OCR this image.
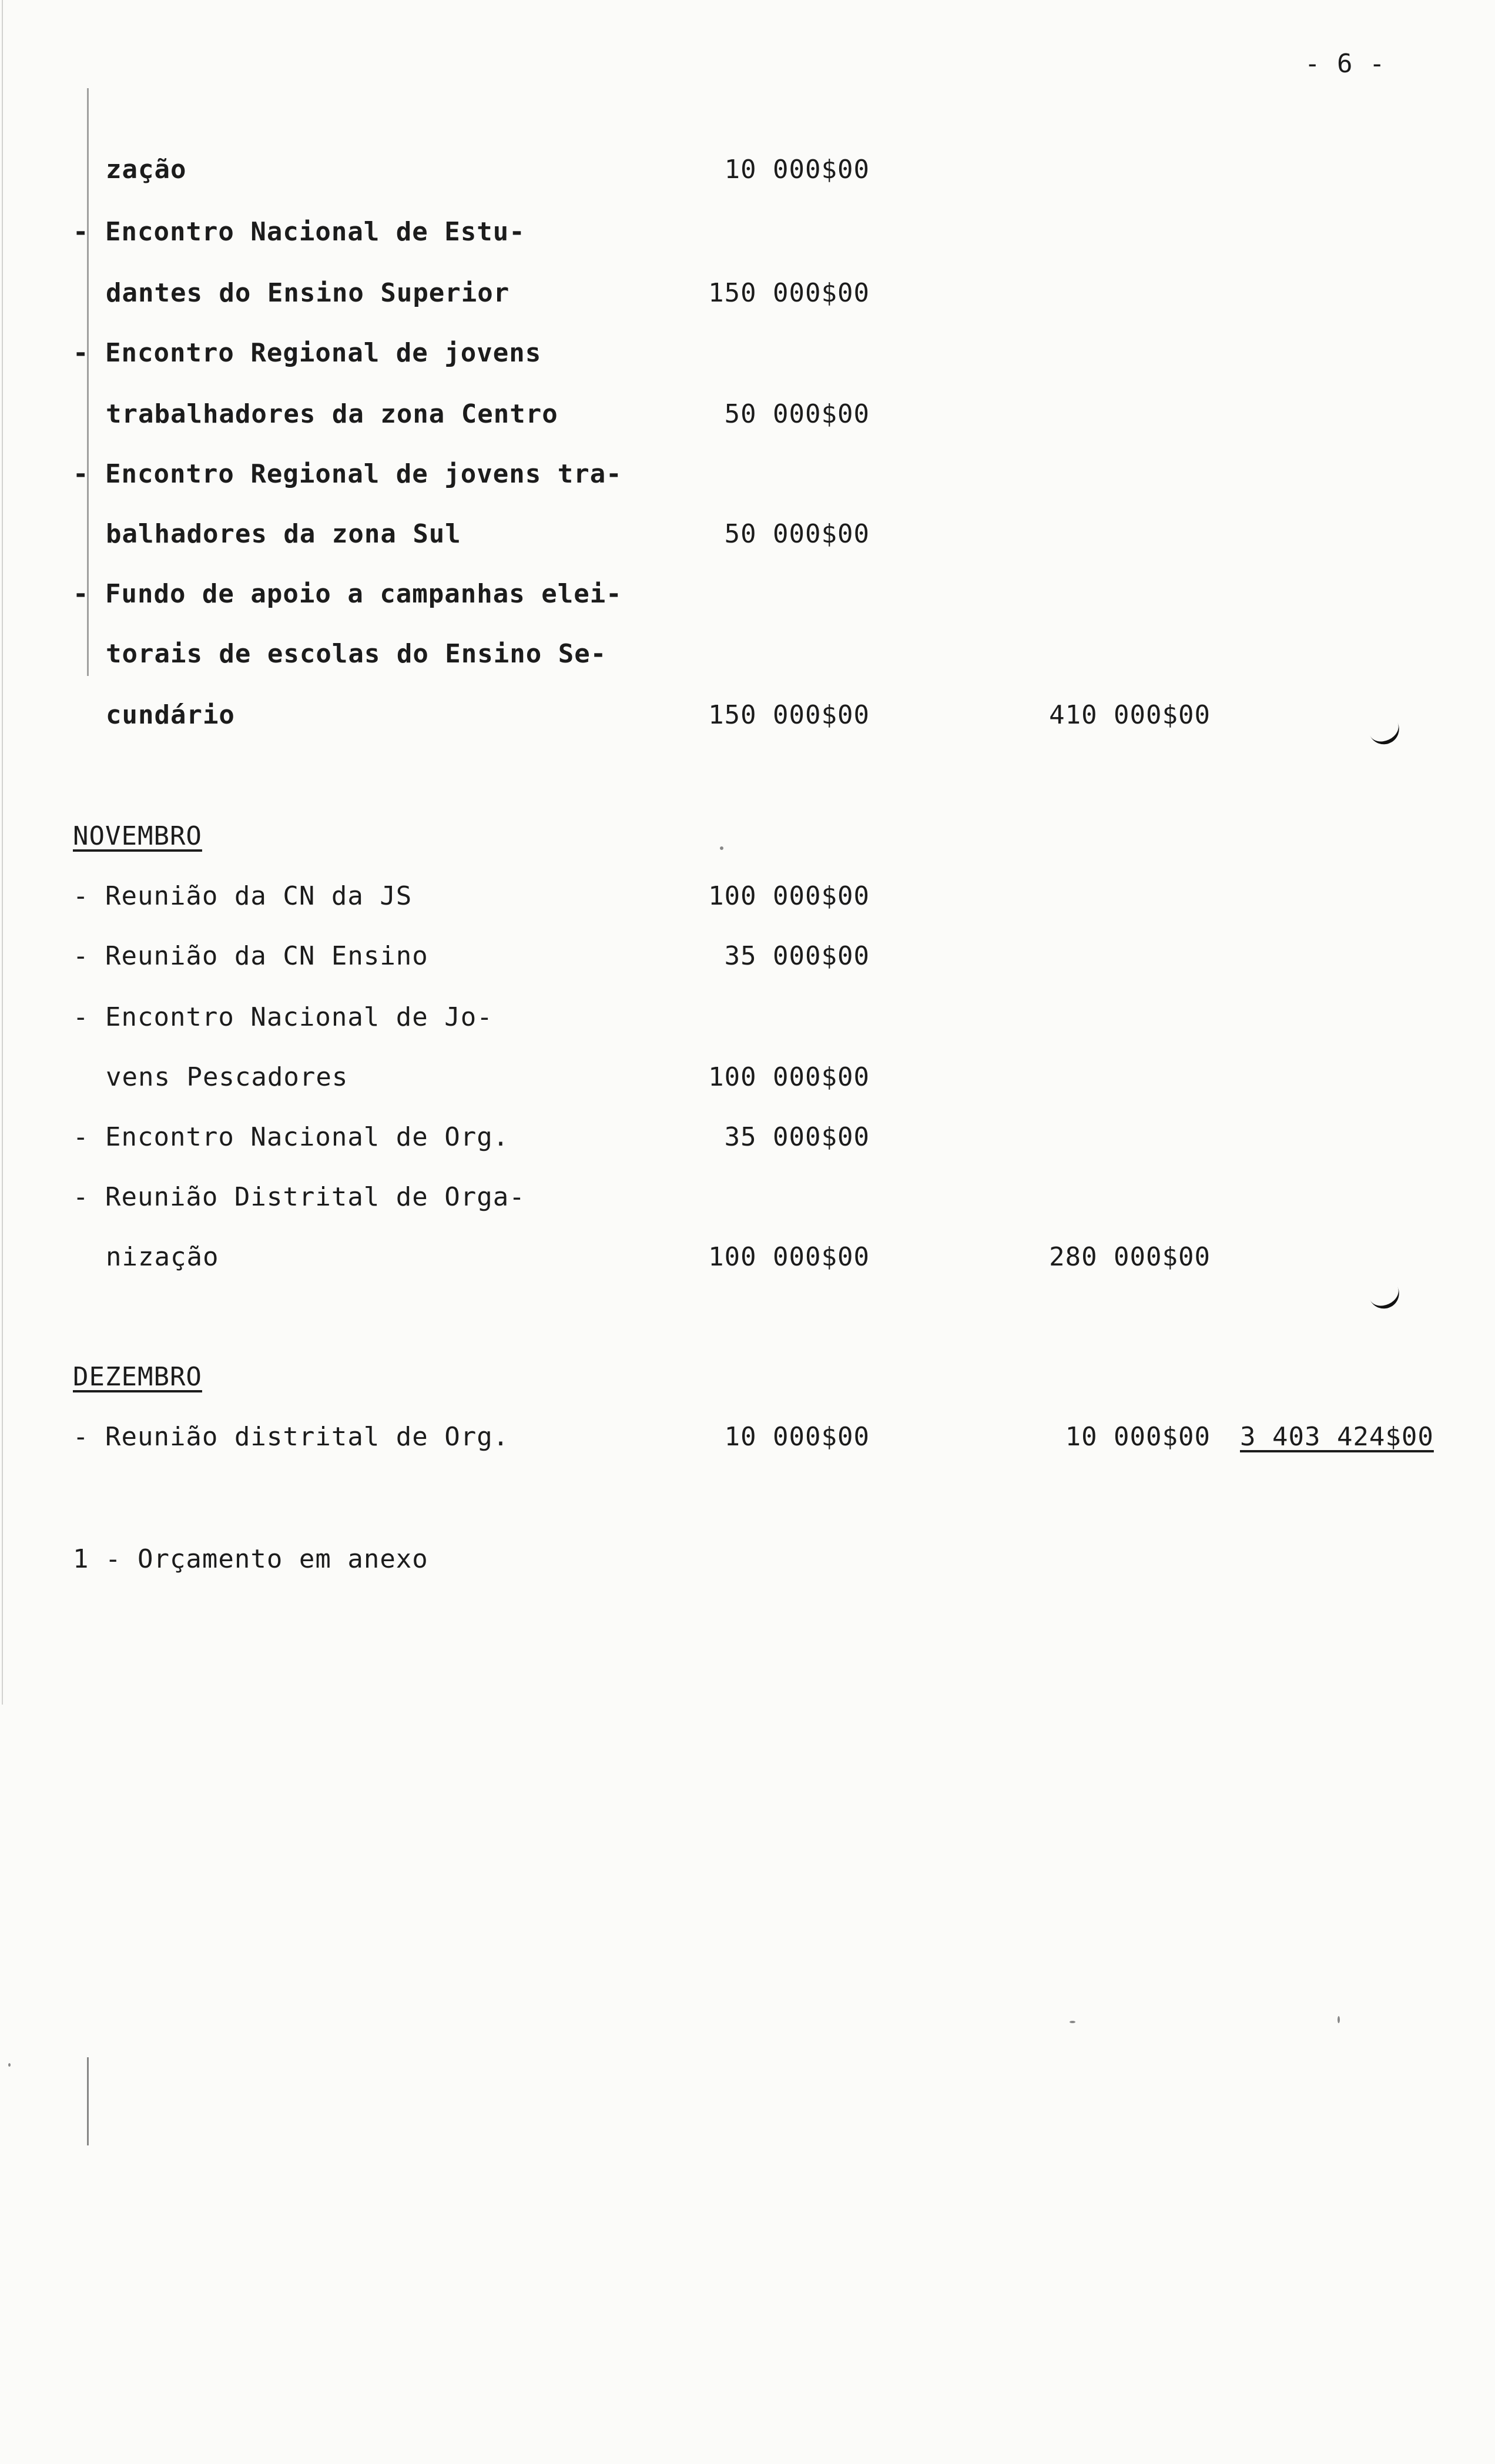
- 6 -
zação	10 000$00
- Encontro Nacional de Estu-
dantes do Ensino Superior	150 000$00
- Encontro Regional de jovens
trabalhadores da zona Centro	50 000$00
- Encontro Regional de jovens tra-
balhadores da zona Sul	50 000$00
- Fundo de apoio a campanhas elei-
torais de escolas do Ensino Se-
cundário	150 000$00	410 000$00
NOVEMBRO
- Reunião da CN da JS	100 000$00
- Reunião da CN Ensino	35 000$00
- Encontro Nacional de Jo-
vens Pescadores	100 000$00
- Encontro Nacional de Org.	35 000$00
- Reunião Distrital de Orga-
nização	100 000$00	280 000$00
DEZEMBRO
- Reunião distrital de Org.	10 000$00	10 000$00 3 403 424$00
1 - Orçamento em anexo
